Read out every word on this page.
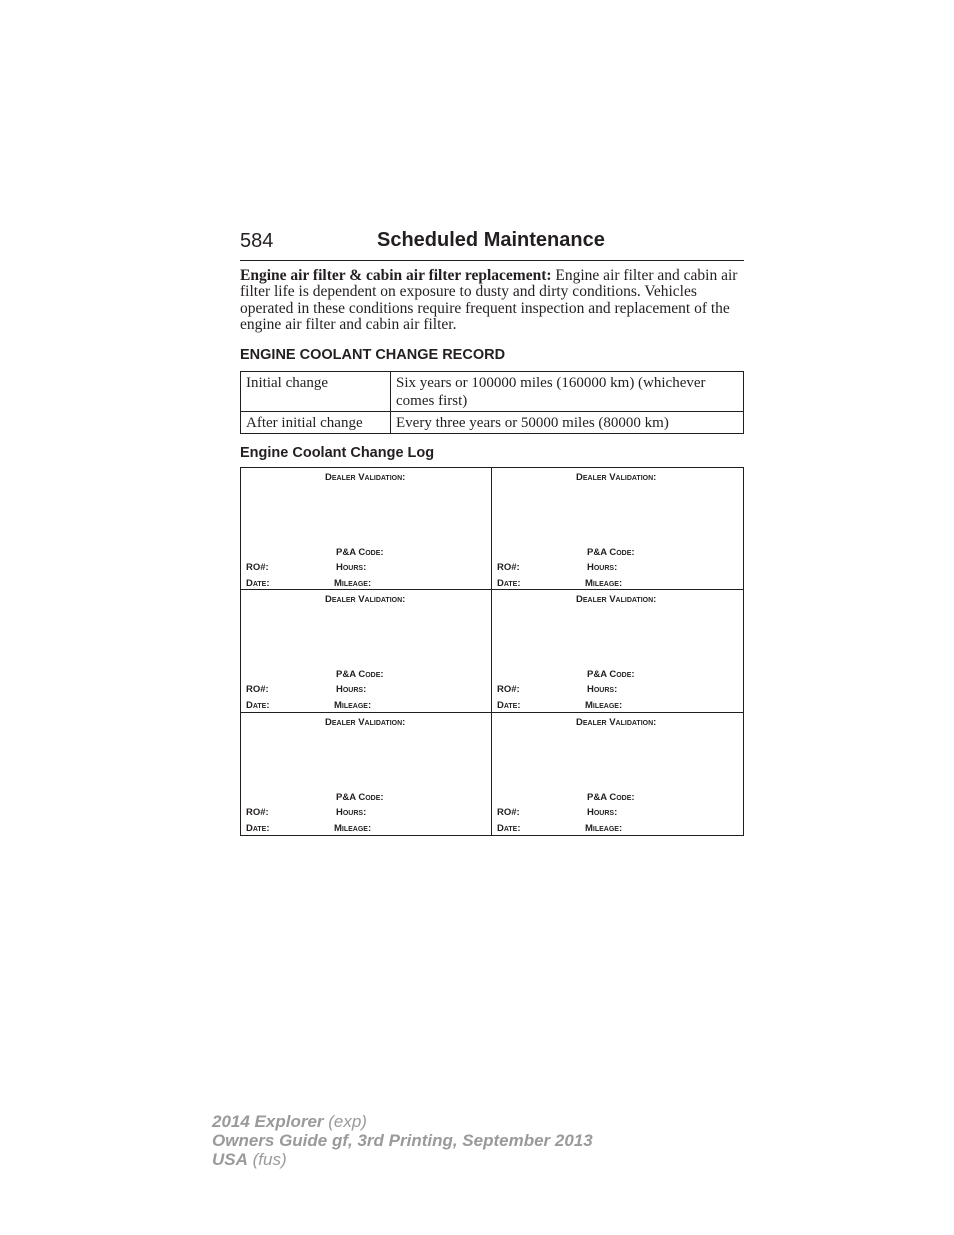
584	Scheduled Maintenance

Engine air filter & cabin air filter replacement: Engine air filter and cabin air filter life is dependent on exposure to dusty and dirty conditions. Vehicles operated in these conditions require frequent inspection and replacement of the engine air filter and cabin air filter.

ENGINE COOLANT CHANGE RECORD
Initial change	Six years or 100000 miles (160000 km) (whichever comes first)
After initial change	Every three years or 50000 miles (80000 km)
Engine Coolant Change Log
Dealer Validation:
P&A Code:
RO#:	Hours:
Date:	Mileage:
Dealer Validation:
P&A Code:
RO#:	Hours:
Date:	Mileage:
Dealer Validation:
P&A Code:
RO#:	Hours:
Date:	Mileage:
Dealer Validation:
P&A Code:
RO#:	Hours:
Date:	Mileage:
Dealer Validation:
P&A Code:
RO#:	Hours:
Date:	Mileage:
Dealer Validation:
P&A Code:
RO#:	Hours:
Date:	Mileage:
2014 Explorer (exp)
Owners Guide gf, 3rd Printing, September 2013
USA (fus)
